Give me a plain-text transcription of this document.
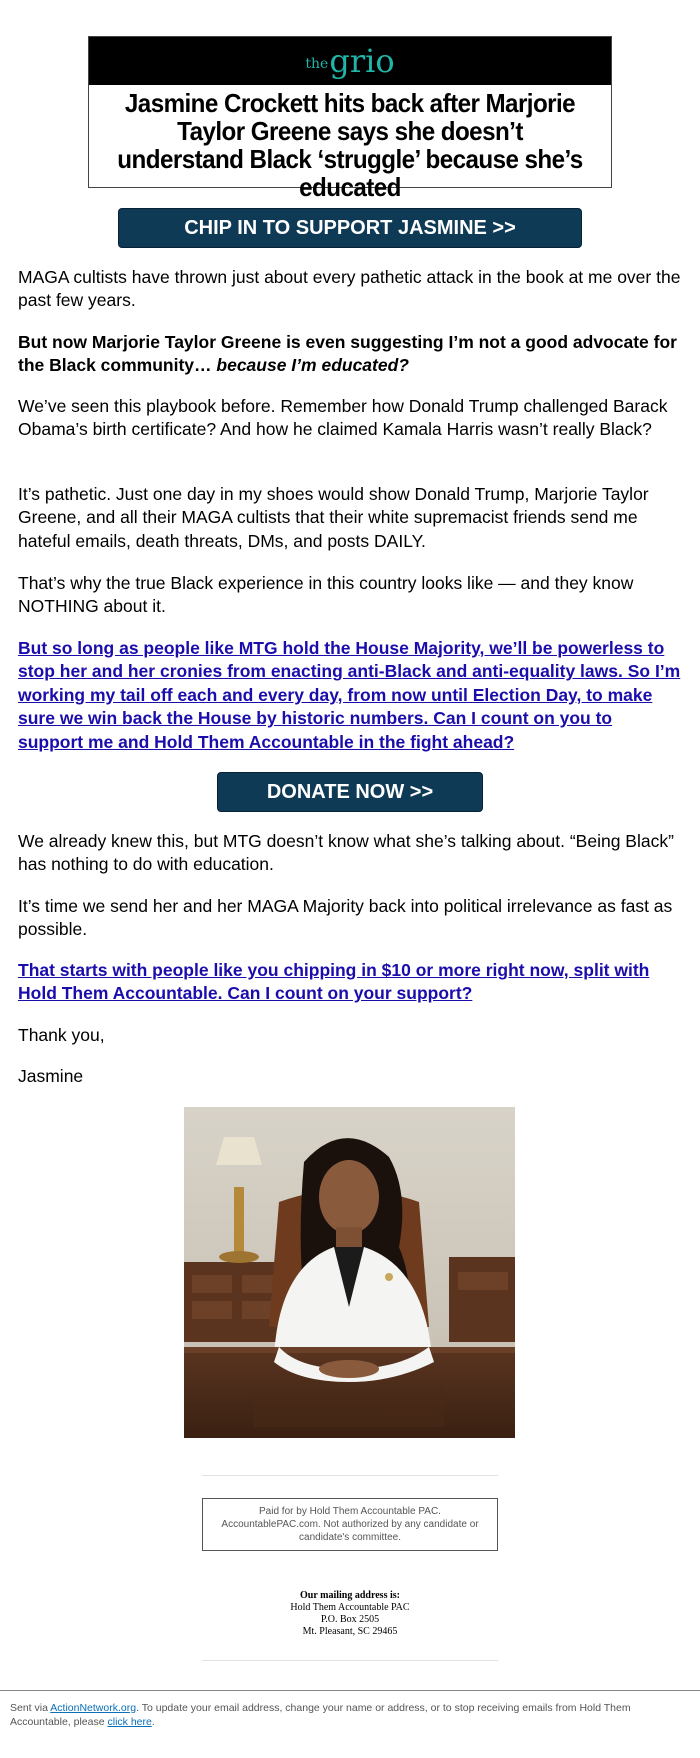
the grio
Jasmine Crockett hits back after Marjorie Taylor Greene says she doesn’t understand Black ‘struggle’ because she’s educated
CHIP IN TO SUPPORT JASMINE >>

MAGA cultists have thrown just about every pathetic attack in the book at me over the past few years.

But now Marjorie Taylor Greene is even suggesting I’m not a good advocate for the Black community… because I’m educated?

We’ve seen this playbook before. Remember how Donald Trump challenged Barack Obama’s birth certificate? And how he claimed Kamala Harris wasn’t really Black?

It’s pathetic. Just one day in my shoes would show Donald Trump, Marjorie Taylor Greene, and all their MAGA cultists that their white supremacist friends send me hateful emails, death threats, DMs, and posts DAILY.

That’s why the true Black experience in this country looks like — and they know NOTHING about it.

But so long as people like MTG hold the House Majority, we’ll be powerless to stop her and her cronies from enacting anti-Black and anti-equality laws. So I’m working my tail off each and every day, from now until Election Day, to make sure we win back the House by historic numbers. Can I count on you to support me and Hold Them Accountable in the fight ahead?

DONATE NOW >>

We already knew this, but MTG doesn’t know what she’s talking about. “Being Black” has nothing to do with education.

It’s time we send her and her MAGA Majority back into political irrelevance as fast as possible.

That starts with people like you chipping in $10 or more right now, split with Hold Them Accountable. Can I count on your support?

Thank you,

Jasmine

Paid for by Hold Them Accountable PAC. AccountablePAC.com. Not authorized by any candidate or candidate's committee.
Our mailing address is:
Hold Them Accountable PAC
P.O. Box 2505
Mt. Pleasant, SC 29465
Sent via ActionNetwork.org. To update your email address, change your name or address, or to stop receiving emails from Hold Them Accountable, please click here.
